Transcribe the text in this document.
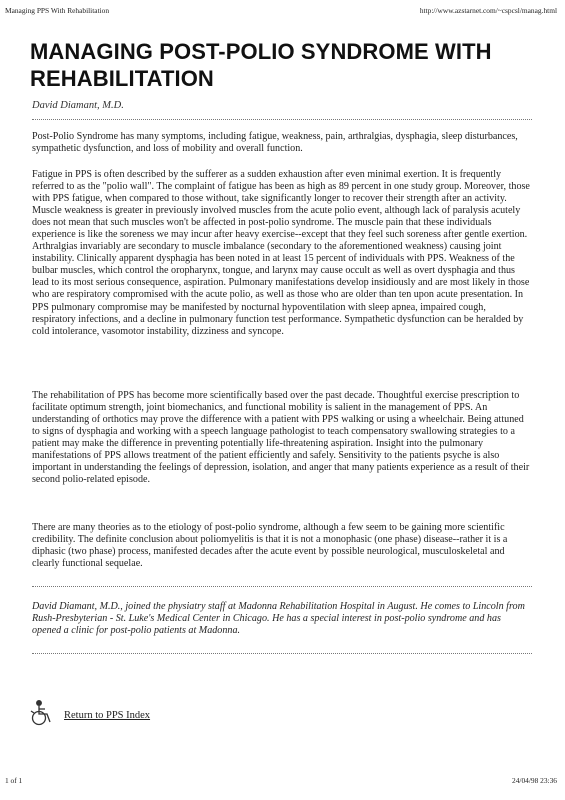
Managing PPS With Rehabilitation	http://www.azstarnet.com/~cspcsl/manag.html
MANAGING POST-POLIO SYNDROME WITH REHABILITATION
David Diamant, M.D.

Post-Polio Syndrome has many symptoms, including fatigue, weakness, pain, arthralgias, dysphagia, sleep disturbances, sympathetic dysfunction, and loss of mobility and overall function.

Fatigue in PPS is often described by the sufferer as a sudden exhaustion after even minimal exertion. It is frequently referred to as the "polio wall". The complaint of fatigue has been as high as 89 percent in one study group. Moreover, those with PPS fatigue, when compared to those without, take significantly longer to recover their strength after an activity. Muscle weakness is greater in previously involved muscles from the acute polio event, although lack of paralysis acutely does not mean that such muscles won't be affected in post-polio syndrome. The muscle pain that these individuals experience is like the soreness we may incur after heavy exercise--except that they feel such soreness after gentle exertion. Arthralgias invariably are secondary to muscle imbalance (secondary to the aforementioned weakness) causing joint instability. Clinically apparent dysphagia has been noted in at least 15 percent of individuals with PPS. Weakness of the bulbar muscles, which control the oropharynx, tongue, and larynx may cause occult as well as overt dysphagia and thus lead to its most serious consequence, aspiration. Pulmonary manifestations develop insidiously and are most likely in those who are respiratory compromised with the acute polio, as well as those who are older than ten upon acute presentation. In PPS pulmonary compromise may be manifested by nocturnal hypoventilation with sleep apnea, impaired cough, respiratory infections, and a decline in pulmonary function test performance. Sympathetic dysfunction can be heralded by cold intolerance, vasomotor instability, dizziness and syncope.

The rehabilitation of PPS has become more scientifically based over the past decade. Thoughtful exercise prescription to facilitate optimum strength, joint biomechanics, and functional mobility is salient in the management of PPS. An understanding of orthotics may prove the difference with a patient with PPS walking or using a wheelchair. Being attuned to signs of dysphagia and working with a speech language pathologist to teach compensatory swallowing strategies to a patient may make the difference in preventing potentially life-threatening aspiration. Insight into the pulmonary manifestations of PPS allows treatment of the patient efficiently and safely. Sensitivity to the patients psyche is also important in understanding the feelings of depression, isolation, and anger that many patients experience as a result of their second polio-related episode.

There are many theories as to the etiology of post-polio syndrome, although a few seem to be gaining more scientific credibility. The definite conclusion about poliomyelitis is that it is not a monophasic (one phase) disease--rather it is a diphasic (two phase) process, manifested decades after the acute event by possible neurological, musculoskeletal and clearly functional sequelae.

David Diamant, M.D., joined the physiatry staff at Madonna Rehabilitation Hospital in August. He comes to Lincoln from Rush-Presbyterian - St. Luke's Medical Center in Chicago. He has a special interest in post-polio syndrome and has opened a clinic for post-polio patients at Madonna.

Return to PPS Index
1 of 1	24/04/98 23:36
